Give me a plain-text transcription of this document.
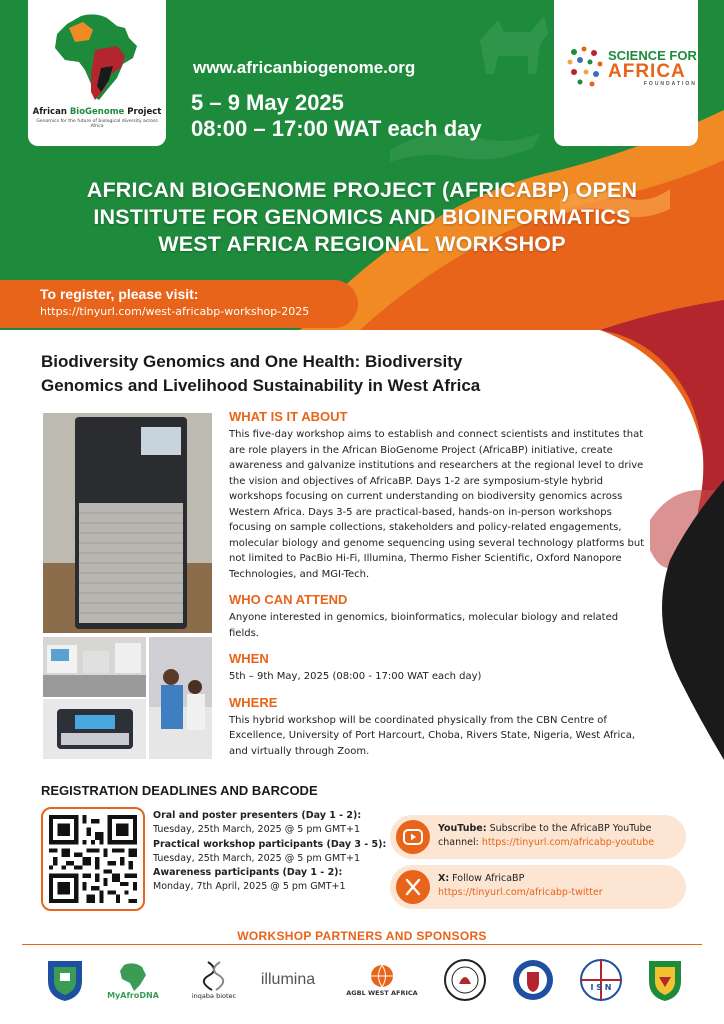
African BioGenome Project
Genomics for the future of biological diversity across Africa
www.africanbiogenome.org
5 – 9 May 2025
08:00 – 17:00 WAT each day
SCIENCE FOR
AFRICA
FOUNDATION
AFRICAN BIOGENOME PROJECT (AFRICABP) OPEN
INSTITUTE FOR GENOMICS AND BIOINFORMATICS
WEST AFRICA REGIONAL WORKSHOP
To register, please visit:
https://tinyurl.com/west-africabp-workshop-2025
Biodiversity Genomics and One Health: Biodiversity
Genomics and Livelihood Sustainability in West Africa
WHAT IS IT ABOUT
This five-day workshop aims to establish and connect scientists and institutes that are role players in the African BioGenome Project (AfricaBP) initiative, create awareness and galvanize institutions and researchers at the regional level to drive the vision and objectives of AfricaBP. Days 1-2 are symposium-style hybrid workshops focusing on current understanding on biodiversity genomics across Western Africa. Days 3-5 are practical-based, hands-on in-person workshops focusing on sample collections, stakeholders and policy-related engagements, molecular biology and genome sequencing using several technology platforms but not limited to PacBio Hi-Fi, Illumina, Thermo Fisher Scientific, Oxford Nanopore Technologies, and MGI-Tech.
WHO CAN ATTEND
Anyone interested in genomics, bioinformatics, molecular biology and related fields.
WHEN
5th – 9th May, 2025 (08:00 - 17:00 WAT each day)
WHERE
This hybrid workshop will be coordinated physically from the CBN Centre of Excellence, University of Port Harcourt, Choba, Rivers State, Nigeria, West Africa, and virtually through Zoom.
REGISTRATION DEADLINES AND BARCODE
Oral and poster presenters (Day 1 - 2):
Tuesday, 25th March, 2025 @ 5 pm GMT+1
Practical workshop participants (Day 3 - 5):
Tuesday, 25th March, 2025 @ 5 pm GMT+1
Awareness participants (Day 1 - 2):
Monday, 7th April, 2025 @ 5 pm GMT+1
YouTube: Subscribe to the AfricaBP YouTube channel: https://tinyurl.com/africabp-youtube
X: Follow AfricaBP
https://tinyurl.com/africabp-twitter
WORKSHOP PARTNERS AND SPONSORS
MyAfroDNA	inqaba biotec
illumina
AGBL WEST AFRICA
I S N
